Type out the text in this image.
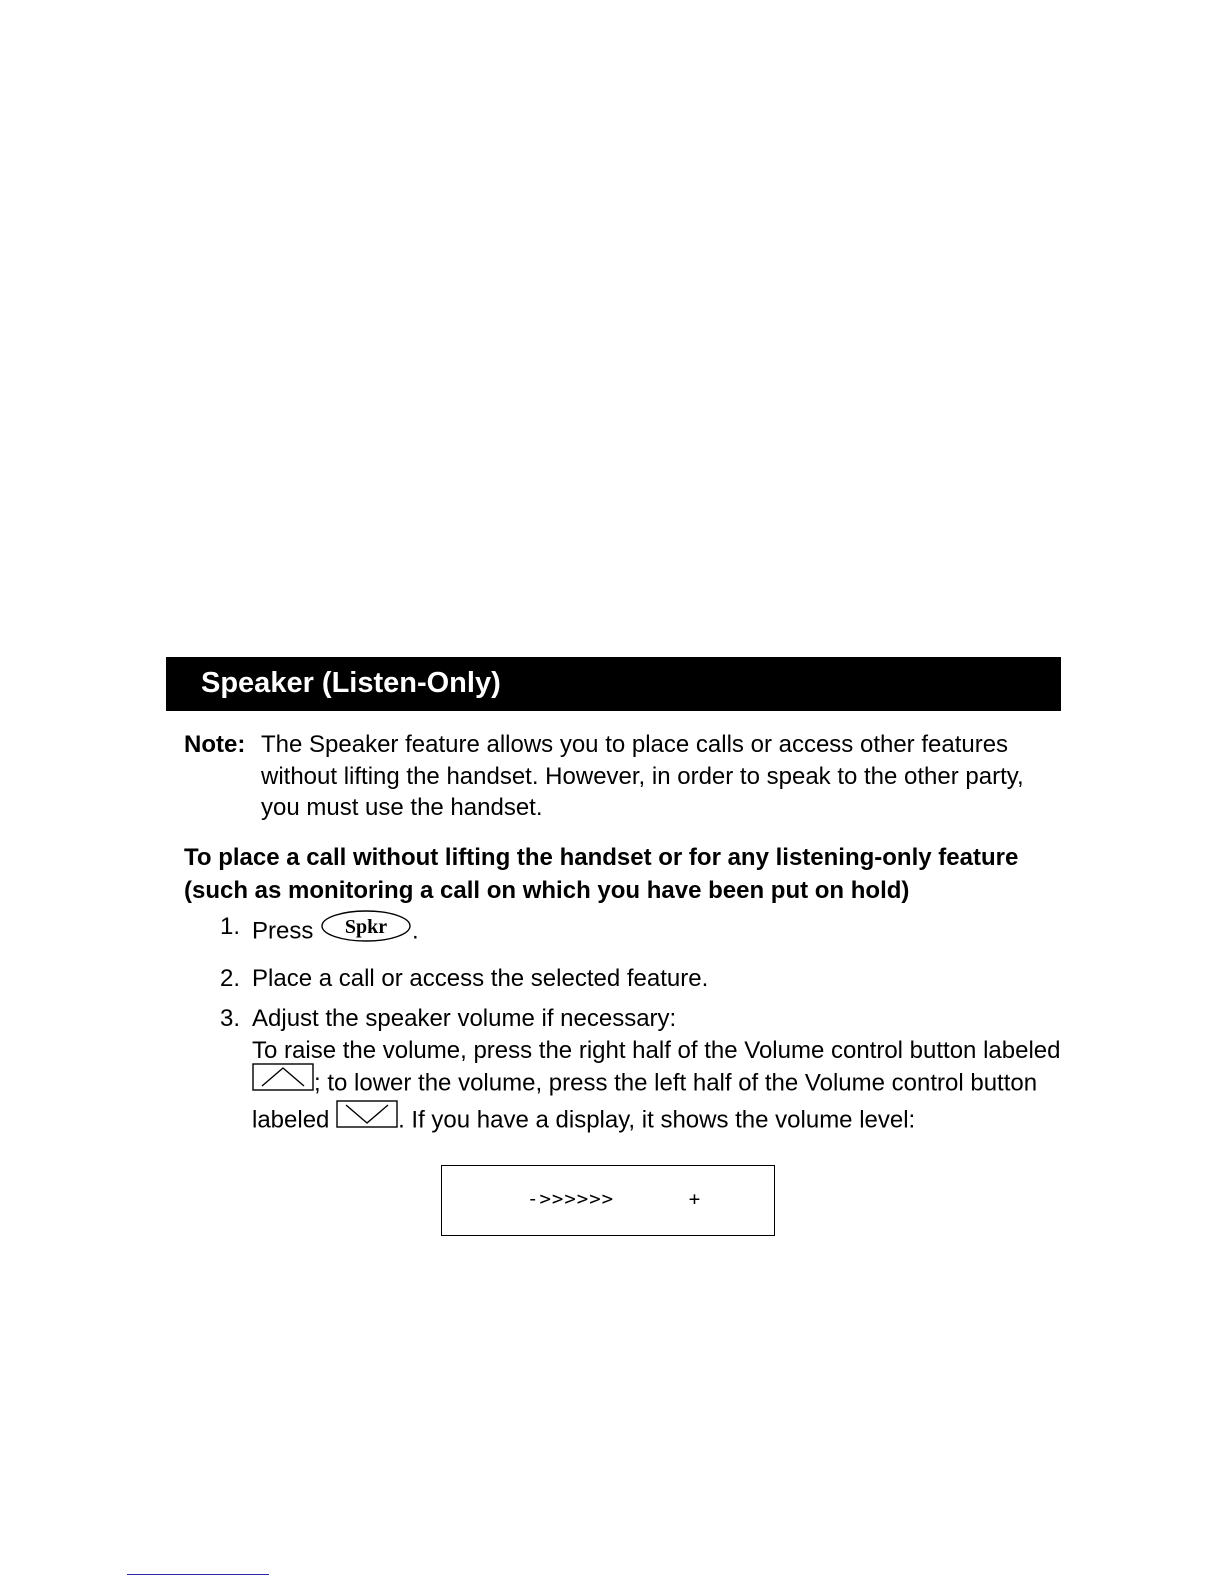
Speaker (Listen-Only)
Note: The Speaker feature allows you to place calls or access other features without lifting the handset. However, in order to speak to the other party, you must use the handset.
To place a call without lifting the handset or for any listening-only feature (such as monitoring a call on which you have been put on hold)
1. Press Spkr .
2. Place a call or access the selected feature.
3. Adjust the speaker volume if necessary:
To raise the volume, press the right half of the Volume control button labeled ; to lower the volume, press the left half of the Volume control button labeled	. If you have a display, it shows the volume level:
->>>>>>	+
